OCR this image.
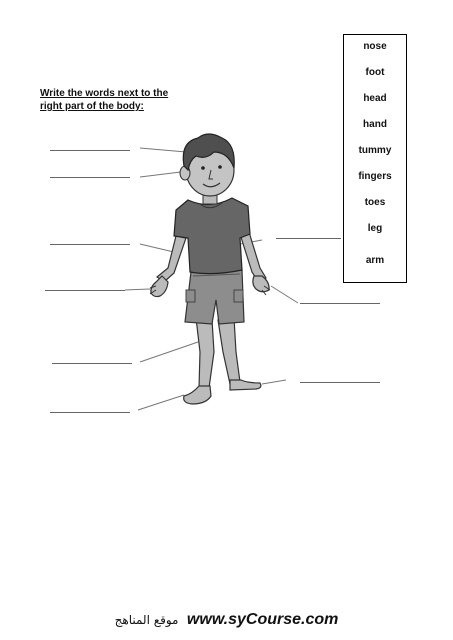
Write the words next to the
right part of the body:
nose
foot
head
hand
tummy
fingers
toes
leg
arm
موقع المناهج www.syCourse.com
